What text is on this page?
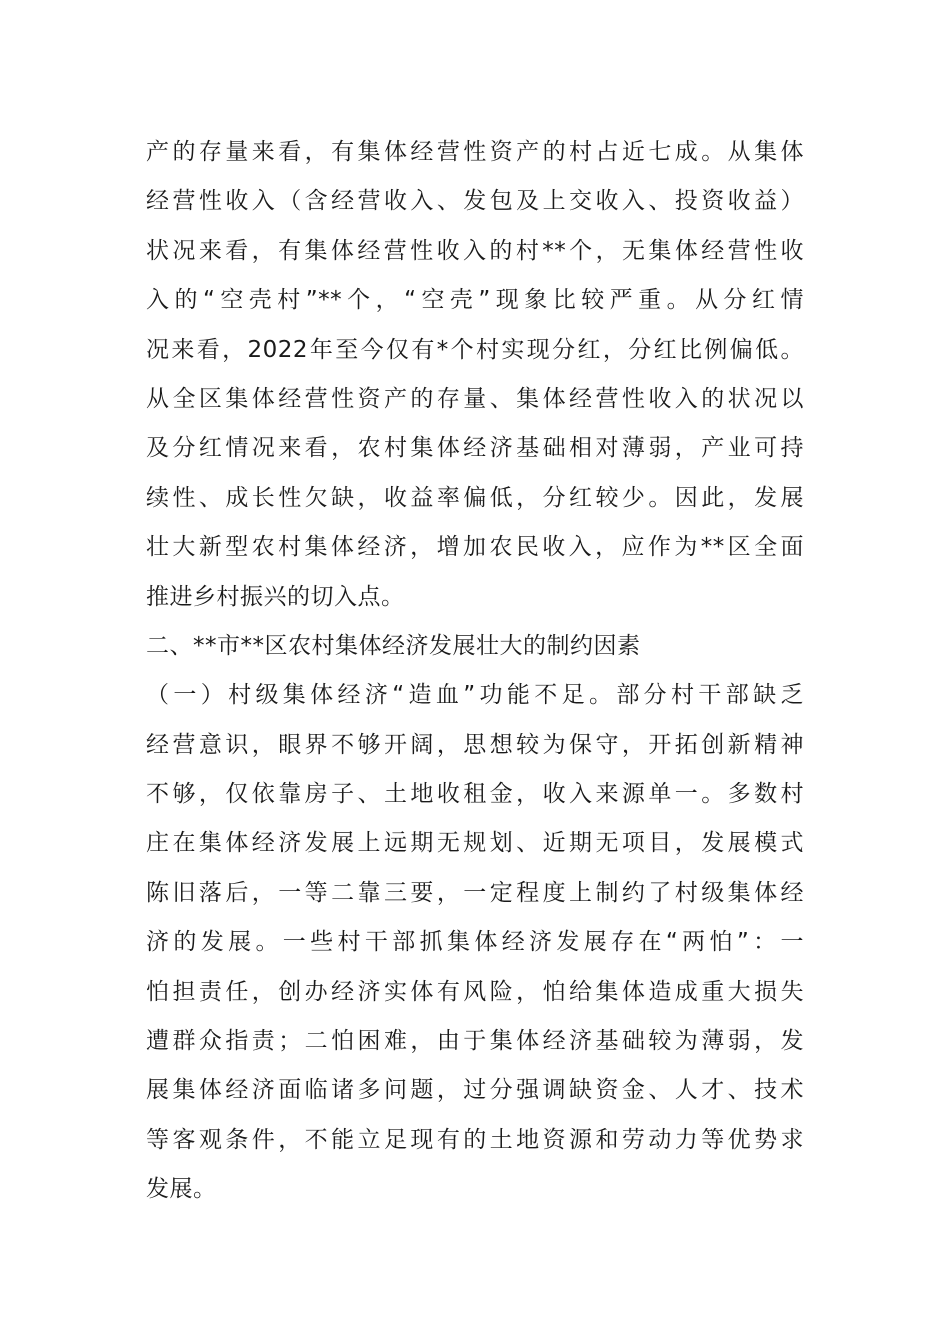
产的存量来看，有集体经营性资产的村占近七成。从集体
经营性收入（含经营收入、发包及上交收入、投资收益）
状况来看，有集体经营性收入的村**个，无集体经营性收
入的“空壳村”**个，“空壳”现象比较严重。从分红情
况来看，2022年至今仅有*个村实现分红，分红比例偏低。
从全区集体经营性资产的存量、集体经营性收入的状况以
及分红情况来看，农村集体经济基础相对薄弱，产业可持
续性、成长性欠缺，收益率偏低，分红较少。因此，发展
壮大新型农村集体经济，增加农民收入，应作为**区全面
推进乡村振兴的切入点。
二、**市**区农村集体经济发展壮大的制约因素
（一）村级集体经济“造血”功能不足。部分村干部缺乏
经营意识，眼界不够开阔，思想较为保守，开拓创新精神
不够，仅依靠房子、土地收租金，收入来源单一。多数村
庄在集体经济发展上远期无规划、近期无项目，发展模式
陈旧落后，一等二靠三要，一定程度上制约了村级集体经
济的发展。一些村干部抓集体经济发展存在“两怕”：一
怕担责任，创办经济实体有风险，怕给集体造成重大损失
遭群众指责；二怕困难，由于集体经济基础较为薄弱，发
展集体经济面临诸多问题，过分强调缺资金、人才、技术
等客观条件，不能立足现有的土地资源和劳动力等优势求
发展。
